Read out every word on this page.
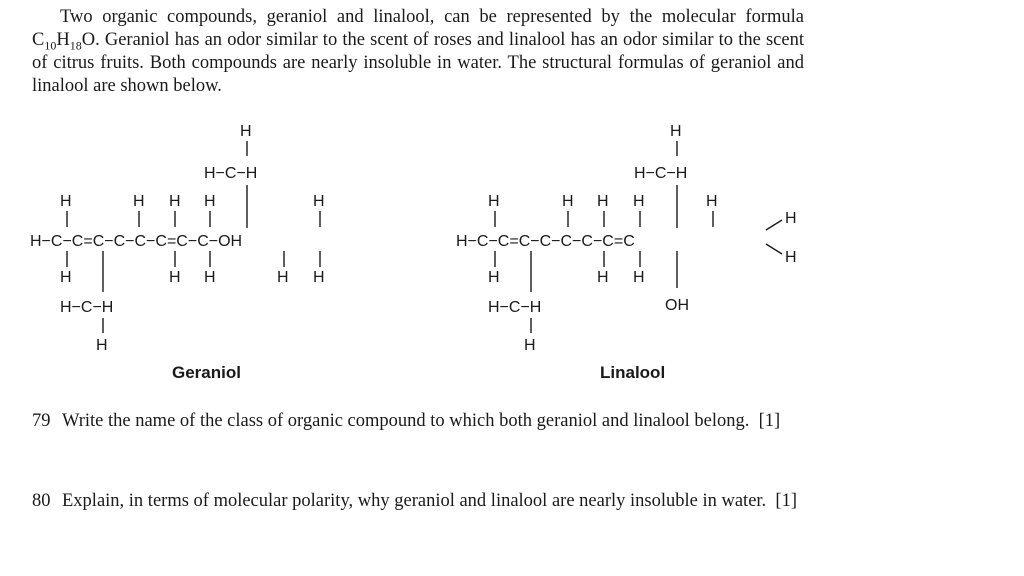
Two organic compounds, geraniol and linalool, can be represented by the molecular formula $C_{10}H_{18}O$. Geraniol has an odor similar to the scent of roses and linalool has an odor similar to the scent of citrus fruits. Both compounds are nearly insoluble in water. The structural formulas of geraniol and linalool are shown below.

H−C−C=C−C−C−C=C−C−OH
H	H H H	H
H
H−C−H
H	H H	H H
H−C−H
H
Geraniol
H−C−C=C−C−C−C−C=C
H	H H H	H
H
H−C−H
H
H
H	H H
OH
H−C−H
H
Linalool
79 Write the name of the class of organic compound to which both geraniol and linalool belong. [1]
80 Explain, in terms of molecular polarity, why geraniol and linalool are nearly insoluble in water. [1]
